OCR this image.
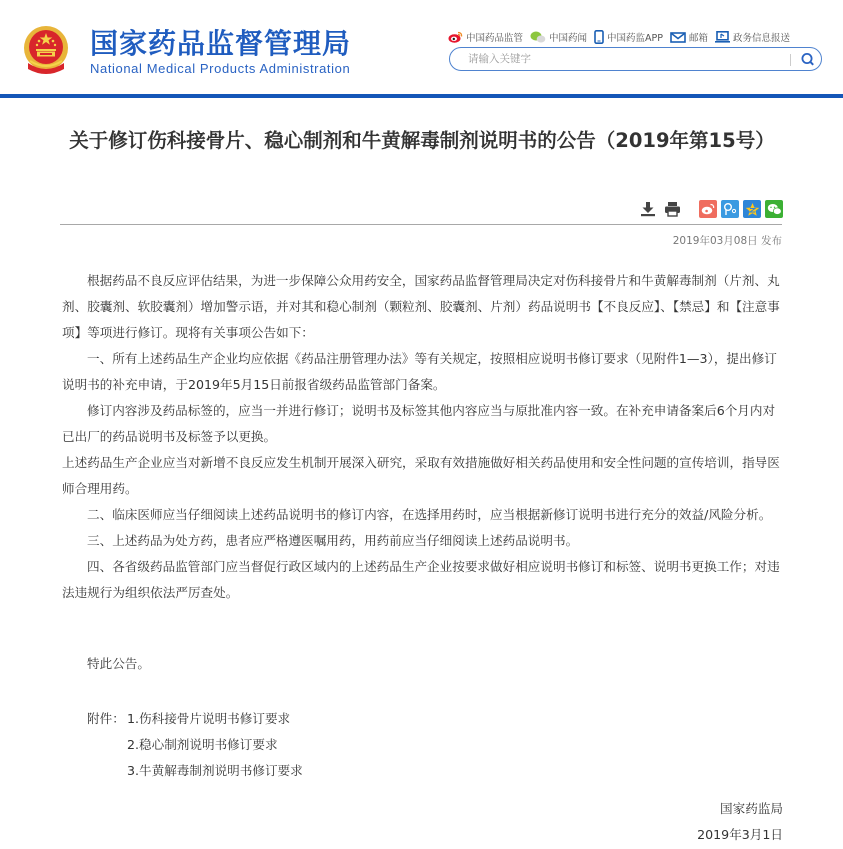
国家药品监督管理局
National Medical Products Administration
中国药品监管	中国药闻 中国药监APP	邮箱	政务信息报送
请输入关键字
关于修订伤科接骨片、稳心制剂和牛黄解毒制剂说明书的公告（2019年第15号）
2019年03月08日 发布

根据药品不良反应评估结果，为进一步保障公众用药安全，国家药品监督管理局决定对伤科接骨片和牛黄解毒制剂（片剂、丸剂、胶囊剂、软胶囊剂）增加警示语，并对其和稳心制剂（颗粒剂、胶囊剂、片剂）药品说明书【不良反应】、【禁忌】和【注意事项】等项进行修订。现将有关事项公告如下：

一、所有上述药品生产企业均应依据《药品注册管理办法》等有关规定，按照相应说明书修订要求（见附件1—3），提出修订说明书的补充申请，于2019年5月15日前报省级药品监管部门备案。

修订内容涉及药品标签的，应当一并进行修订；说明书及标签其他内容应当与原批准内容一致。在补充申请备案后6个月内对已出厂的药品说明书及标签予以更换。

上述药品生产企业应当对新增不良反应发生机制开展深入研究，采取有效措施做好相关药品使用和安全性问题的宣传培训，指导医师合理用药。

二、临床医师应当仔细阅读上述药品说明书的修订内容，在选择用药时，应当根据新修订说明书进行充分的效益/风险分析。

三、上述药品为处方药，患者应严格遵医嘱用药，用药前应当仔细阅读上述药品说明书。

四、各省级药品监管部门应当督促行政区域内的上述药品生产企业按要求做好相应说明书修订和标签、说明书更换工作；对违法违规行为组织依法严厉查处。

特此公告。
附件： 1.伤科接骨片说明书修订要求
2.稳心制剂说明书修订要求
3.牛黄解毒制剂说明书修订要求
国家药监局
2019年3月1日
